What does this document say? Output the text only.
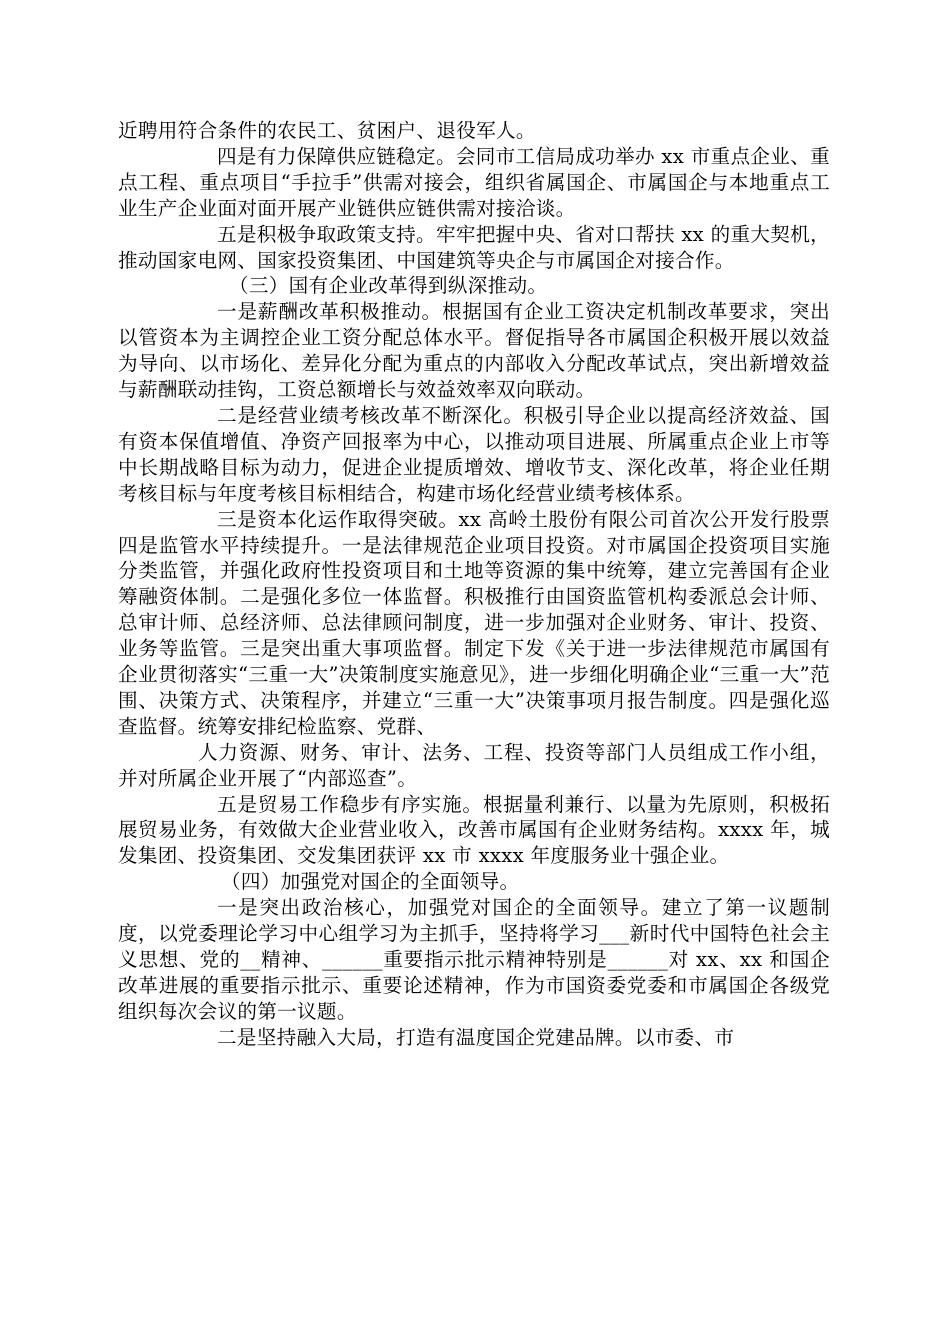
近聘用符合条件的农民工、贫困户、退役军人。

四是有力保障供应链稳定。会同市工信局成功举办 xx 市重点企业、重点工程、重点项目“手拉手”供需对接会，组织省属国企、市属国企与本地重点工业生产企业面对面开展产业链供应链供需对接洽谈。

五是积极争取政策支持。牢牢把握中央、省对口帮扶 xx 的重大契机，推动国家电网、国家投资集团、中国建筑等央企与市属国企对接合作。

（三）国有企业改革得到纵深推动。

一是薪酬改革积极推动。根据国有企业工资决定机制改革要求，突出以管资本为主调控企业工资分配总体水平。督促指导各市属国企积极开展以效益为导向、以市场化、差异化分配为重点的内部收入分配改革试点，突出新增效益与薪酬联动挂钩，工资总额增长与效益效率双向联动。

二是经营业绩考核改革不断深化。积极引导企业以提高经济效益、国有资本保值增值、净资产回报率为中心，以推动项目进展、所属重点企业上市等中长期战略目标为动力，促进企业提质增效、增收节支、深化改革，将企业任期考核目标与年度考核目标相结合，构建市场化经营业绩考核体系。

三是资本化运作取得突破。xx 高岭土股份有限公司首次公开发行股票　　四是监管水平持续提升。一是法律规范企业项目投资。对市属国企投资项目实施分类监管，并强化政府性投资项目和土地等资源的集中统筹，建立完善国有企业筹融资体制。二是强化多位一体监督。积极推行由国资监管机构委派总会计师、总审计师、总经济师、总法律顾问制度，进一步加强对企业财务、审计、投资、业务等监管。三是突出重大事项监督。制定下发《关于进一步法律规范市属国有企业贯彻落实“三重一大”决策制度实施意见》，进一步细化明确企业“三重一大”范围、决策方式、决策程序，并建立“三重一大”决策事项月报告制度。四是强化巡查监督。统筹安排纪检监察、党群、

人力资源、财务、审计、法务、工程、投资等部门人员组成工作小组，并对所属企业开展了“内部巡查”。

五是贸易工作稳步有序实施。根据量利兼行、以量为先原则，积极拓展贸易业务，有效做大企业营业收入，改善市属国有企业财务结构。xxxx 年，城发集团、投资集团、交发集团获评 xx 市 xxxx 年度服务业十强企业。

（四）加强党对国企的全面领导。

一是突出政治核心，加强党对国企的全面领导。建立了第一议题制度，以党委理论学习中心组学习为主抓手，坚持将学习___新时代中国特色社会主义思想、党的__精神、______重要指示批示精神特别是______对 xx、xx 和国企改革进展的重要指示批示、重要论述精神，作为市国资委党委和市属国企各级党组织每次会议的第一议题。

二是坚持融入大局，打造有温度国企党建品牌。以市委、市
